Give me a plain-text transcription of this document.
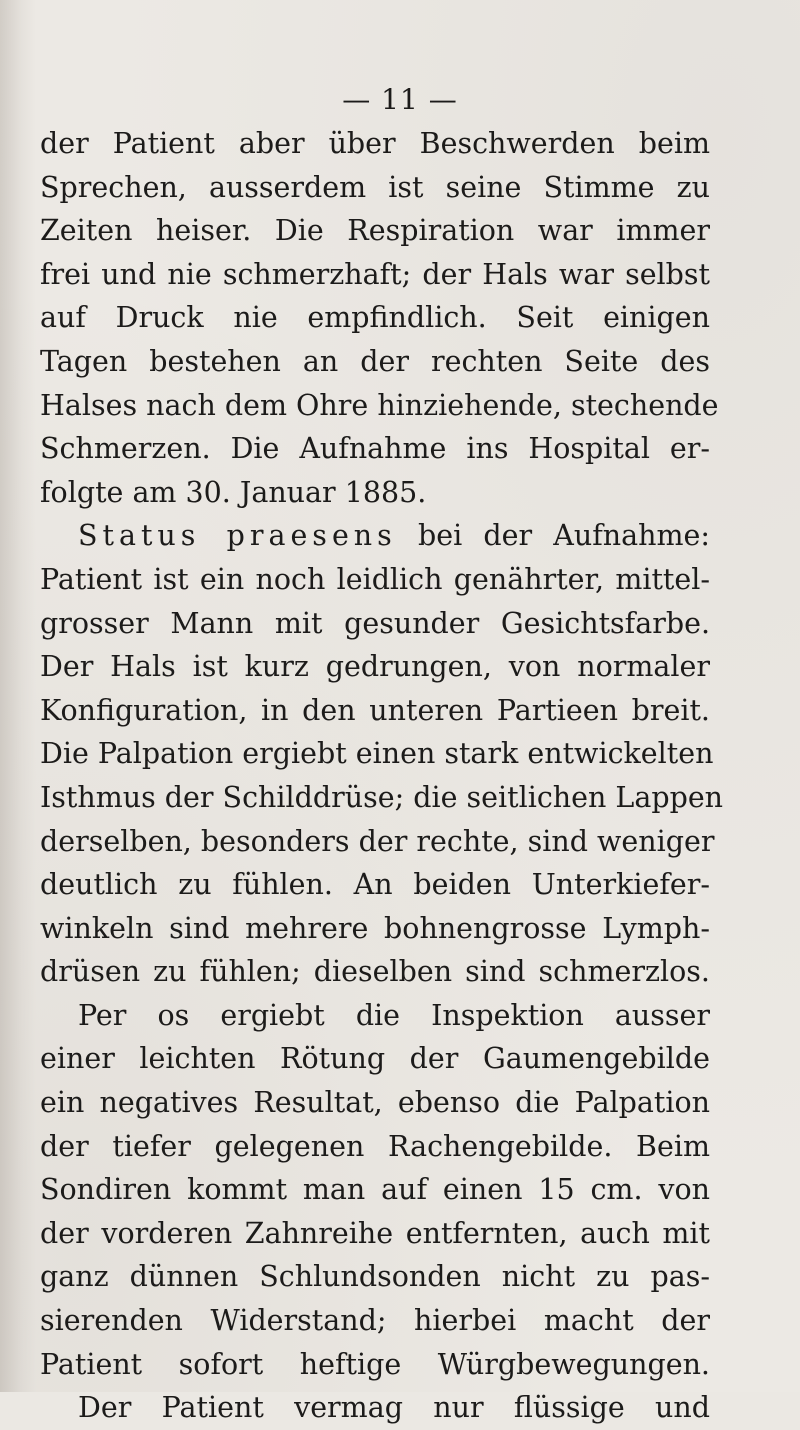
— 11 —
der Patient aber über Beschwerden beim
Sprechen, ausserdem ist seine Stimme zu
Zeiten heiser. Die Respiration war immer
frei und nie schmerzhaft; der Hals war selbst
auf Druck nie empfindlich. Seit einigen
Tagen bestehen an der rechten Seite des
Halses nach dem Ohre hinziehende, stechende
Schmerzen. Die Aufnahme ins Hospital er-
folgte am 30. Januar 1885.
Status praesens bei der Aufnahme:
Patient ist ein noch leidlich genährter, mittel-
grosser Mann mit gesunder Gesichtsfarbe.
Der Hals ist kurz gedrungen, von normaler
Konfiguration, in den unteren Partieen breit.
Die Palpation ergiebt einen stark entwickelten
Isthmus der Schilddrüse; die seitlichen Lappen
derselben, besonders der rechte, sind weniger
deutlich zu fühlen. An beiden Unterkiefer-
winkeln sind mehrere bohnengrosse Lymph-
drüsen zu fühlen; dieselben sind schmerzlos.
Per os ergiebt die Inspektion ausser
einer leichten Rötung der Gaumengebilde
ein negatives Resultat, ebenso die Palpation
der tiefer gelegenen Rachengebilde. Beim
Sondiren kommt man auf einen 15 cm. von
der vorderen Zahnreihe entfernten, auch mit
ganz dünnen Schlundsonden nicht zu pas-
sierenden Widerstand; hierbei macht der
Patient sofort heftige Würgbewegungen.
Der Patient vermag nur flüssige und
